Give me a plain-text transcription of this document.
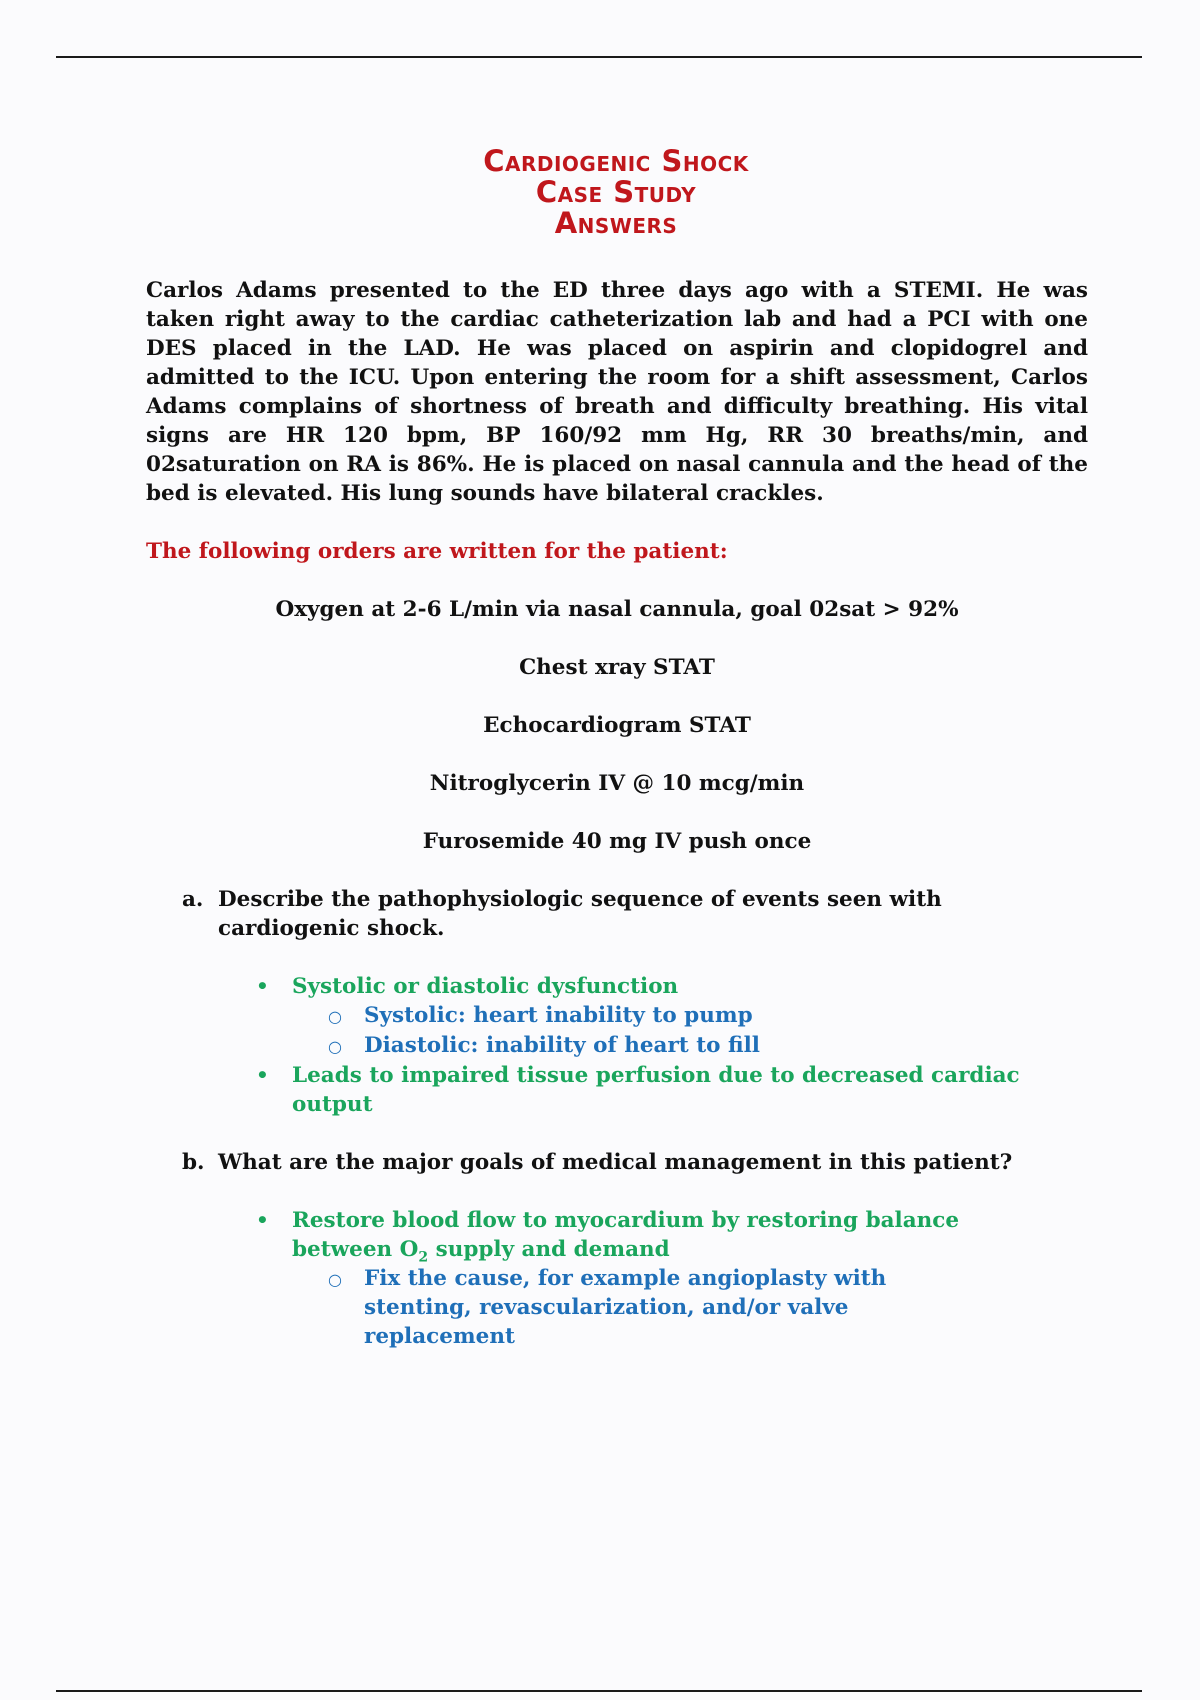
Cardiogenic Shock
Case Study
Answers

Carlos Adams presented to the ED three days ago with a STEMI. He was taken right away to the cardiac catheterization lab and had a PCI with one DES placed in the LAD. He was placed on aspirin and clopidogrel and admitted to the ICU. Upon entering the room for a shift assessment, Carlos Adams complains of shortness of breath and difficulty breathing. His vital signs are HR 120 bpm, BP 160/92 mm Hg, RR 30 breaths/min, and 02saturation on RA is 86%. He is placed on nasal cannula and the head of the bed is elevated. His lung sounds have bilateral crackles.

The following orders are written for the patient:

Oxygen at 2-6 L/min via nasal cannula, goal 02sat > 92%
Chest xray STAT
Echocardiogram STAT
Nitroglycerin IV @ 10 mcg/min
Furosemide 40 mg IV push once
a. Describe the pathophysiologic sequence of events seen with cardiogenic shock.
•	Systolic or diastolic dysfunction
○	Systolic: heart inability to pump
○	Diastolic: inability of heart to fill
•	Leads to impaired tissue perfusion due to decreased cardiac output
b. What are the major goals of medical management in this patient?
•	Restore blood flow to myocardium by restoring balance between $O_2$ supply and demand
○	Fix the cause, for example angioplasty with stenting, revascularization, and/or valve replacement
